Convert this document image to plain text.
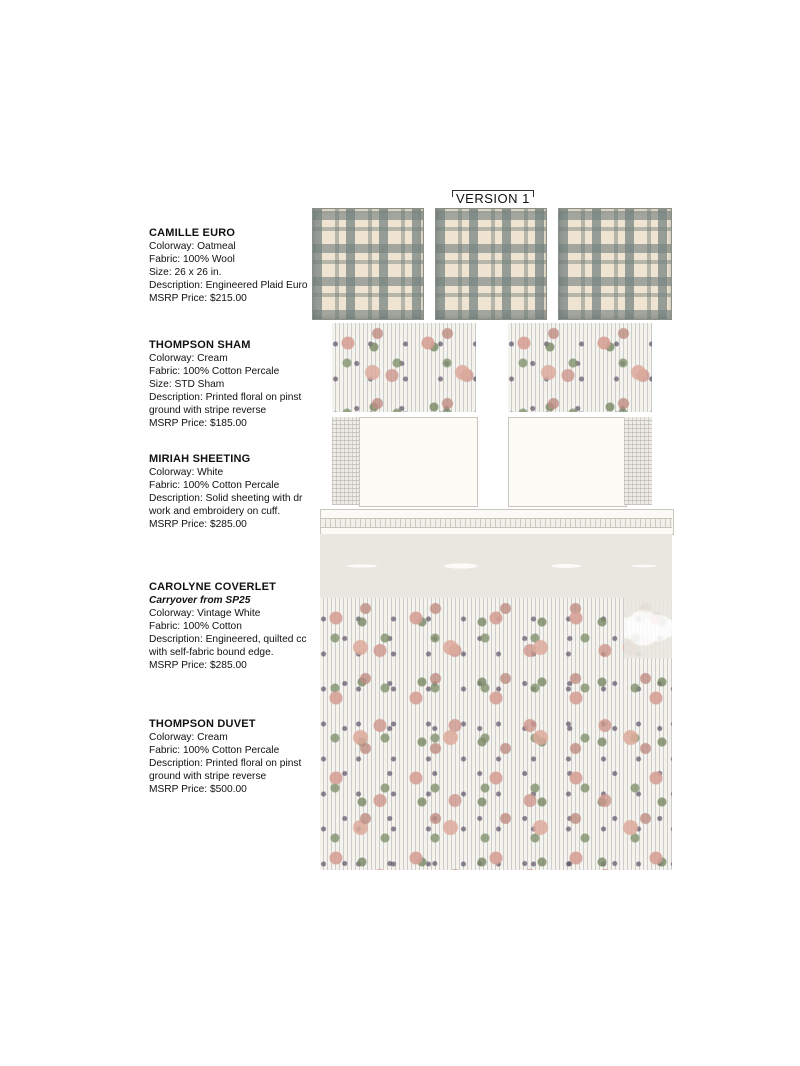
VERSION 1
CAMILLE EURO
Colorway: Oatmeal
Fabric: 100% Wool
Size: 26 x 26 in.
Description: Engineered Plaid Euro
MSRP Price: $215.00
THOMPSON SHAM
Colorway: Cream
Fabric: 100% Cotton Percale
Size: STD Sham
Description: Printed floral on pinst
ground with stripe reverse
MSRP Price: $185.00
MIRIAH SHEETING
Colorway: White
Fabric: 100% Cotton Percale
Description: Solid sheeting with dr
work and embroidery on cuff.
MSRP Price: $285.00
CAROLYNE COVERLET
Carryover from SP25
Colorway: Vintage White
Fabric: 100% Cotton
Description: Engineered, quilted cc
with self-fabric bound edge.
MSRP Price: $285.00
THOMPSON DUVET
Colorway: Cream
Fabric: 100% Cotton Percale
Description: Printed floral on pinst
ground with stripe reverse
MSRP Price: $500.00
